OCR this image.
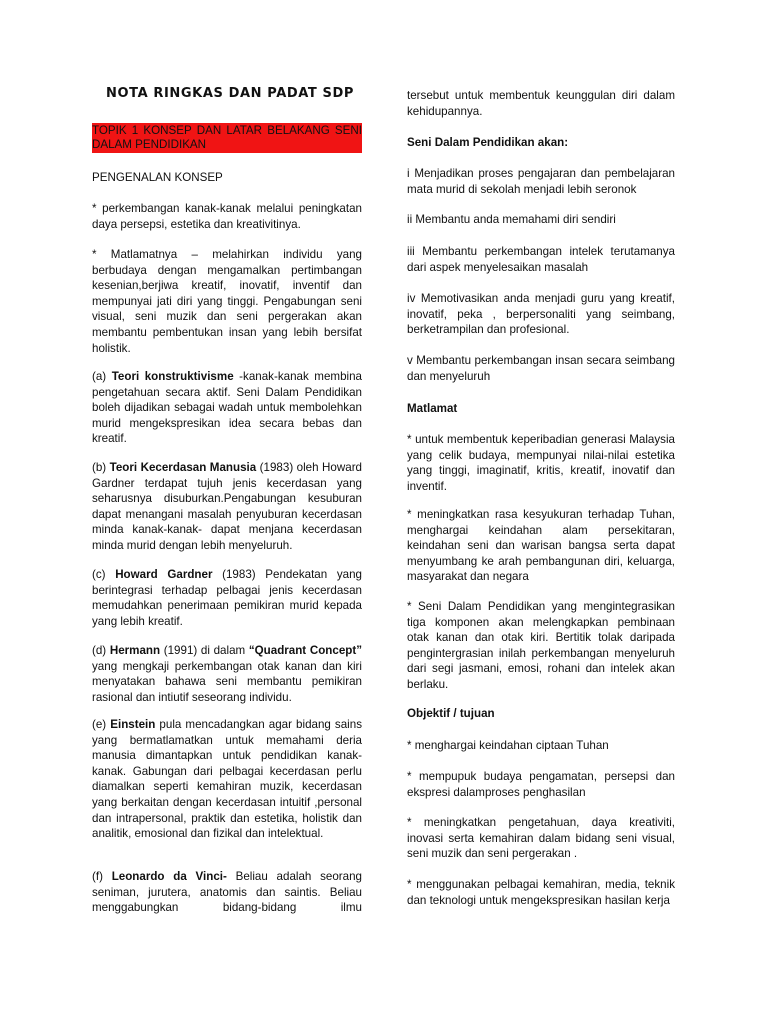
NOTA RINGKAS DAN PADAT SDP
TOPIK 1 KONSEP DAN LATAR BELAKANG SENI DALAM PENDIDIKAN

PENGENALAN KONSEP

* perkembangan kanak-kanak melalui peningkatan daya persepsi, estetika dan kreativitinya.

* Matlamatnya – melahirkan individu yang berbudaya dengan mengamalkan pertimbangan kesenian,berjiwa kreatif, inovatif, inventif dan mempunyai jati diri yang tinggi. Pengabungan seni visual, seni muzik dan seni pergerakan akan membantu pembentukan insan yang lebih bersifat holistik.

(a) Teori konstruktivisme -kanak-kanak membina pengetahuan secara aktif. Seni Dalam Pendidikan boleh dijadikan sebagai wadah untuk membolehkan murid mengekspresikan idea secara bebas dan kreatif.

(b) Teori Kecerdasan Manusia (1983) oleh Howard Gardner terdapat tujuh jenis kecerdasan yang seharusnya disuburkan.Pengabungan kesuburan dapat menangani masalah penyuburan kecerdasan minda kanak-kanak- dapat menjana kecerdasan minda murid dengan lebih menyeluruh.

(c) Howard Gardner (1983) Pendekatan yang berintegrasi terhadap pelbagai jenis kecerdasan memudahkan penerimaan pemikiran murid kepada yang lebih kreatif.

(d) Hermann (1991) di dalam “Quadrant Concept” yang mengkaji perkembangan otak kanan dan kiri menyatakan bahawa seni membantu pemikiran rasional dan intiutif seseorang individu.

(e) Einstein pula mencadangkan agar bidang sains yang bermatlamatkan untuk memahami deria manusia dimantapkan untuk pendidikan kanak-kanak. Gabungan dari pelbagai kecerdasan perlu diamalkan seperti kemahiran muzik, kecerdasan yang berkaitan dengan kecerdasan intuitif ,personal dan intrapersonal, praktik dan estetika, holistik dan analitik, emosional dan fizikal dan intelektual.

(f) Leonardo da Vinci- Beliau adalah seorang seniman, jurutera, anatomis dan saintis. Beliau menggabungkan bidang-bidang ilmu

tersebut untuk membentuk keunggulan diri dalam kehidupannya.

Seni Dalam Pendidikan akan:

i Menjadikan proses pengajaran dan pembelajaran mata murid di sekolah menjadi lebih seronok

ii Membantu anda memahami diri sendiri

iii Membantu perkembangan intelek terutamanya dari aspek menyelesaikan masalah

iv Memotivasikan anda menjadi guru yang kreatif, inovatif, peka , berpersonaliti yang seimbang, berketrampilan dan profesional.

v Membantu perkembangan insan secara seimbang dan menyeluruh

Matlamat

* untuk membentuk keperibadian generasi Malaysia yang celik budaya, mempunyai nilai-nilai estetika yang tinggi, imaginatif, kritis, kreatif, inovatif dan inventif.

* meningkatkan rasa kesyukuran terhadap Tuhan, menghargai keindahan alam persekitaran, keindahan seni dan warisan bangsa serta dapat menyumbang ke arah pembangunan diri, keluarga, masyarakat dan negara

* Seni Dalam Pendidikan yang mengintegrasikan tiga komponen akan melengkapkan pembinaan otak kanan dan otak kiri. Bertitik tolak daripada pengintergrasian inilah perkembangan menyeluruh dari segi jasmani, emosi, rohani dan intelek akan berlaku.

Objektif / tujuan

* menghargai keindahan ciptaan Tuhan

* mempupuk budaya pengamatan, persepsi dan ekspresi dalamproses penghasilan

* meningkatkan pengetahuan, daya kreativiti, inovasi serta kemahiran dalam bidang seni visual, seni muzik dan seni pergerakan .

* menggunakan pelbagai kemahiran, media, teknik dan teknologi untuk mengekspresikan hasilan kerja
